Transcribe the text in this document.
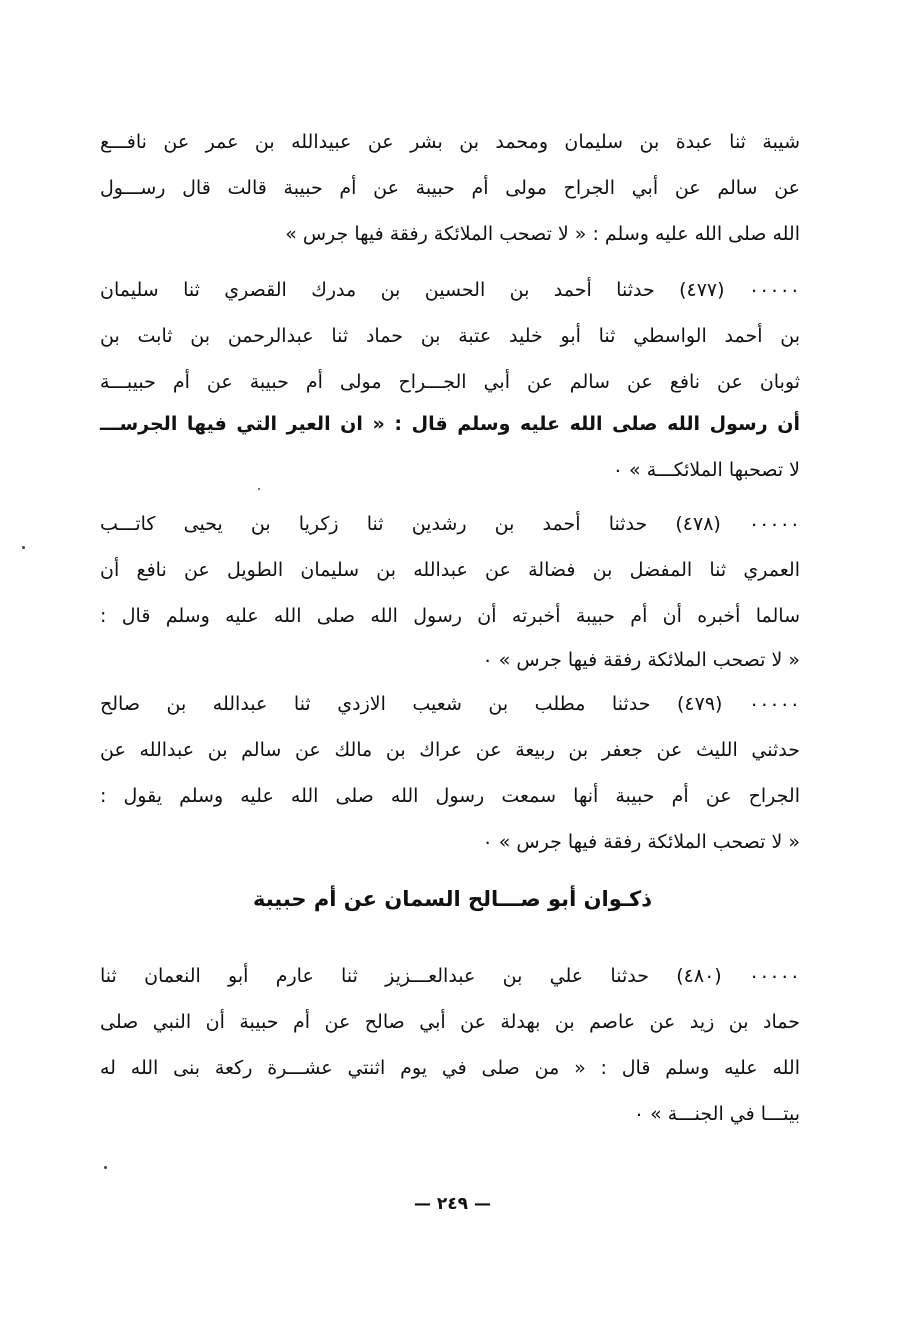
شيبة ثنا عبدة بن سليمان ومحمد بن بشر عن عبيدالله بن عمر عن نافـــع
عن سالم عن أبي الجراح مولى أم حبيبة عن أم حبيبة قالت قال رســـول
الله صلى الله عليه وسلم : « لا تصحب الملائكة رفقة فيها جرس »
٠٠٠٠٠ (٤٧٧) حدثنا أحمد بن الحسين بن مدرك القصري ثنا سليمان
بن أحمد الواسطي ثنا أبو خليد عتبة بن حماد ثنا عبدالرحمن بن ثابت بن
ثوبان عن نافع عن سالم عن أبي الجـــراح مولى أم حبيبة عن أم حبيبـــة
أن رسول الله صلى الله عليه وسلم قال : « ان العير التي فيها الجرســـ
لا تصحبها الملائكـــة » ٠
٠٠٠٠٠ (٤٧٨) حدثنا أحمد بن رشدين ثنا زكريا بن يحيى كاتـــب
العمري ثنا المفضل بن فضالة عن عبدالله بن سليمان الطويل عن نافع أن
سالما أخبره أن أم حبيبة أخبرته أن رسول الله صلى الله عليه وسلم قال :
« لا تصحب الملائكة رفقة فيها جرس » ٠
٠٠٠٠٠ (٤٧٩) حدثنا مطلب بن شعيب الازدي ثنا عبدالله بن صالح
حدثني الليث عن جعفر بن ربيعة عن عراك بن مالك عن سالم بن عبدالله عن
الجراح عن أم حبيبة أنها سمعت رسول الله صلى الله عليه وسلم يقول :
« لا تصحب الملائكة رفقة فيها جرس » ٠
ذكـوان أبو صـــالح السمان عن أم حبيبة
٠٠٠٠٠ (٤٨٠) حدثنا علي بن عبدالعـــزيز ثنا عارم أبو النعمان ثنا
حماد بن زيد عن عاصم بن بهدلة عن أبي صالح عن أم حبيبة أن النبي صلى
الله عليه وسلم قال : « من صلى في يوم اثنتي عشـــرة ركعة بنى الله له
بيتـــا في الجنـــة » ٠
— ٢٤٩ —
